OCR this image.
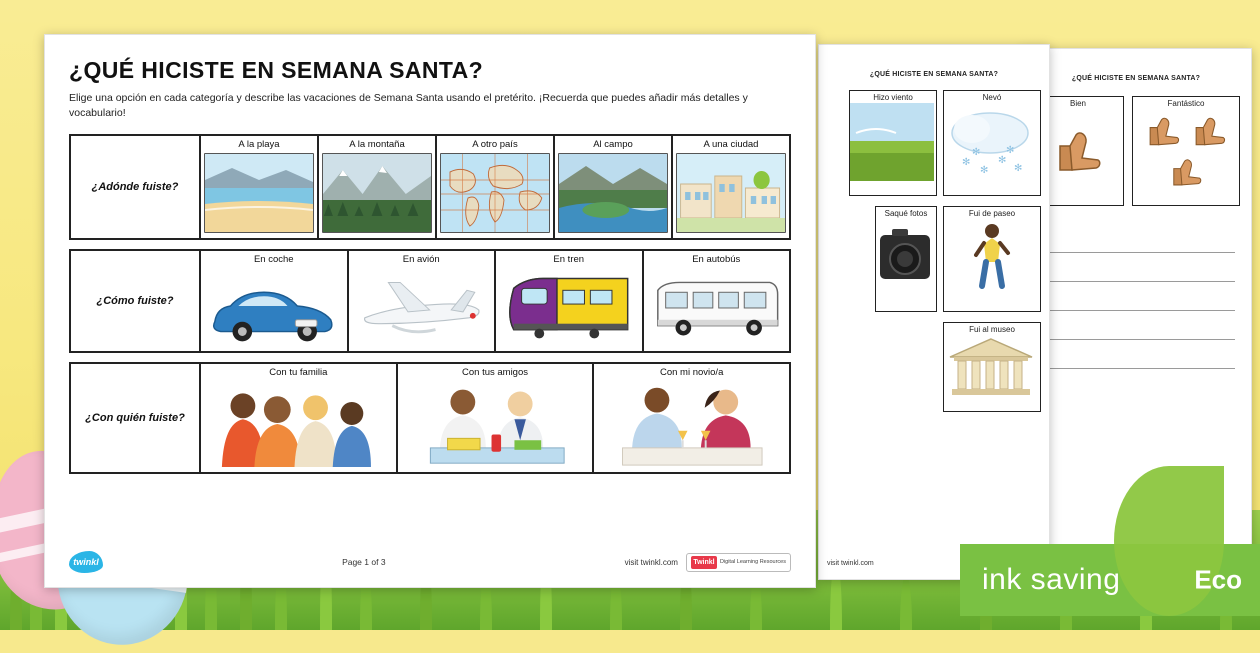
¿QUÉ HICISTE EN SEMANA SANTA?
Bien	Fantástico
¿QUÉ HICISTE EN SEMANA SANTA?
Hizo viento	Nevó
✻
✻
✻
✻
✻	✻
Saqué fotos	Fui de paseo
Fui al museo
visit twinkl.com
¿QUÉ HICISTE EN SEMANA SANTA?

Elige una opción en cada categoría y describe las vacaciones de Semana Santa usando el pretérito. ¡Recuerda que puedes añadir más detalles y vocabulario!

¿Adónde fuiste?
A la playa	A la montaña	A otro país	Al campo	A una ciudad
¿Cómo fuiste?
En coche	En avión	En tren	En autobús
¿Con quién fuiste?
Con tu familia	Con tus amigos	Con mi novio/a
twinkl	Page 1 of 3	visit twinkl.com	Twinkl Digital Learning Resources
ink saving	Eco
